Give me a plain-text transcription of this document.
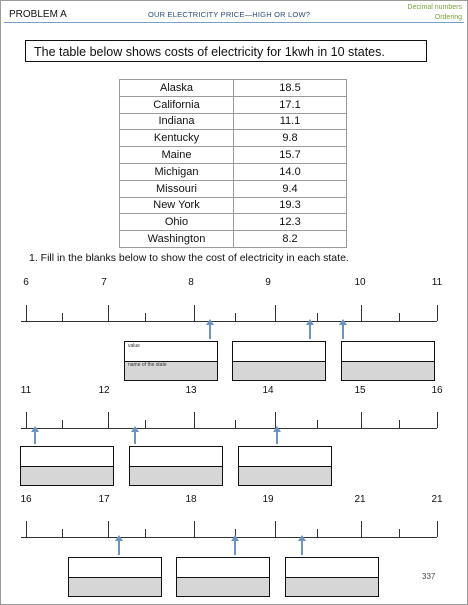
PROBLEM A	OUR ELECTRICITY PRICE—HIGH OR LOW?
Decimal numbers
Ordering
The table below shows costs of electricity for 1kwh in 10 states.
Alaska	18.5
California	17.1
Indiana	11.1
Kentucky	9.8
Maine	15.7
Michigan	14.0
Missouri	9.4
New York	19.3
Ohio	12.3
Washington	8.2
1. Fill in the blanks below to show the cost of electricity in each state.
6	7	8	9	10	11
value
name of the state
11	12	13	14	15	16
16	17	18	19	21	21
337
